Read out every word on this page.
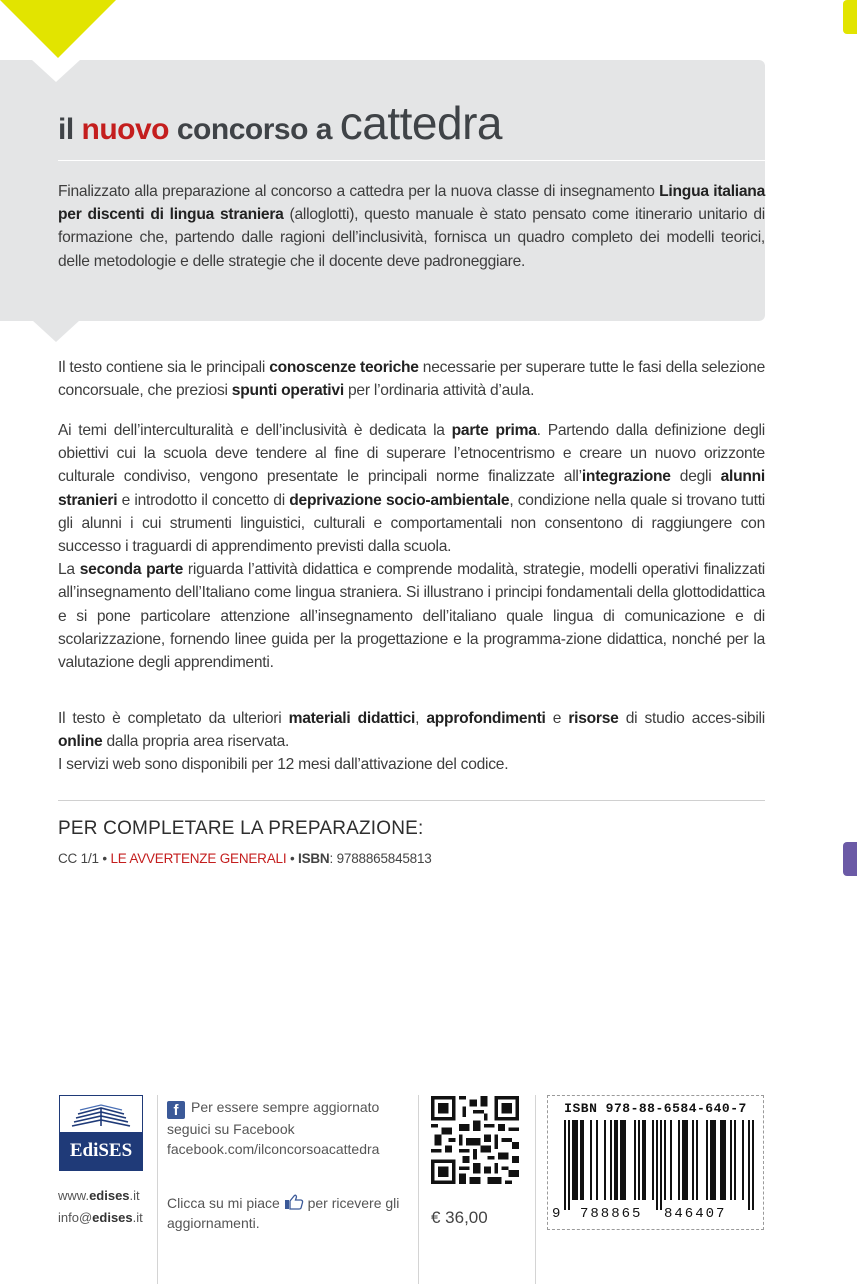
il nuovo concorso a cattedra

Finalizzato alla preparazione al concorso a cattedra per la nuova classe di insegnamento Lingua italiana per discenti di lingua straniera (alloglotti), questo manuale è stato pensato come itinerario unitario di formazione che, partendo dalle ragioni dell’inclusività, fornisca un quadro completo dei modelli teorici, delle metodologie e delle strategie che il docente deve padroneggiare.

Il testo contiene sia le principali conoscenze teoriche necessarie per superare tutte le fasi della selezione concorsuale, che preziosi spunti operativi per l’ordinaria attività d’aula.

Ai temi dell’interculturalità e dell’inclusività è dedicata la parte prima. Partendo dalla definizione degli obiettivi cui la scuola deve tendere al fine di superare l’etnocentrismo e creare un nuovo orizzonte culturale condiviso, vengono presentate le principali norme finalizzate all’integrazione degli alunni stranieri e introdotto il concetto di deprivazione socio-ambientale, condizione nella quale si trovano tutti gli alunni i cui strumenti linguistici, culturali e comportamentali non consentono di raggiungere con successo i traguardi di apprendimento previsti dalla scuola.
La seconda parte riguarda l’attività didattica e comprende modalità, strategie, modelli operativi finalizzati all’insegnamento dell’Italiano come lingua straniera. Si illustrano i principi fondamentali della glottodidattica e si pone particolare attenzione all’insegnamento dell’italiano quale lingua di comunicazione e di scolarizzazione, fornendo linee guida per la progettazione e la programma-zione didattica, nonché per la valutazione degli apprendimenti.

Il testo è completato da ulteriori materiali didattici, approfondimenti e risorse di studio acces-sibili online dalla propria area riservata.
I servizi web sono disponibili per 12 mesi dall’attivazione del codice.

PER COMPLETARE LA PREPARAZIONE:
CC 1/1 • LE AVVERTENZE GENERALI • ISBN: 9788865845813
EdiSES
www.edises.it
info@edises.it
f Per essere sempre aggiornato
seguici su Facebook
facebook.com/ilconcorsoacattedra
Clicca su mi piace  per ricevere gli aggiornamenti.	€ 36,00
ISBN 978-88-6584-640-7
9 788865 846407
